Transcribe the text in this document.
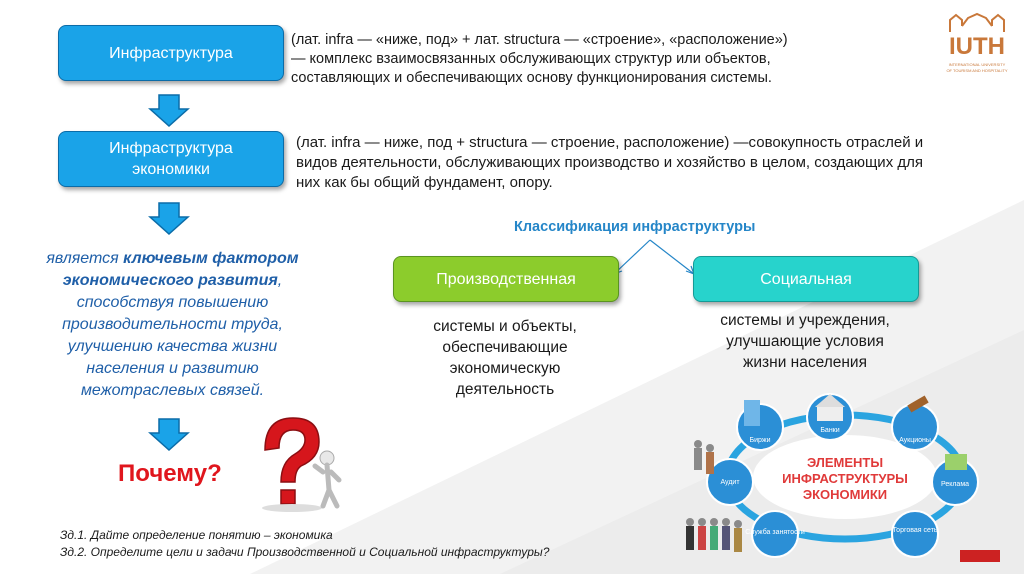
IUTH
INTERNATIONAL UNIVERSITY
OF TOURISM AND HOSPITALITY
Инфраструктура
(лат. infra — «ниже, под» + лат. structura — «строение», «расположение»)
— комплекс взаимосвязанных обслуживающих структур или объектов,
составляющих и обеспечивающих основу функционирования системы.
Инфраструктура
экономики
(лат. infra — ниже, под + structura — строение, расположение) —совокупность отраслей и
видов деятельности, обслуживающих производство и хозяйство в целом, создающих для
них как бы общий фундамент, опору.
является ключевым фактором экономического развития,
способствуя повышению
производительности труда,
улучшению качества жизни
населения и развитию
межотраслевых связей.
Почему?
Классификация инфраструктуры
Производственная	Социальная
системы и объекты,
обеспечивающие
экономическую
деятельность
системы и учреждения,
улучшающие условия
жизни населения
ЭЛЕМЕНТЫ
ИНФРАСТРУКТУРЫ
ЭКОНОМИКИ
Биржи
Банки
Аукционы
Реклама
Торговая сеть
Служба занятости
Аудит
Зд.1. Дайте определение понятию – экономика
Зд.2. Определите цели и задачи Производственной и Социальной инфраструктуры?
